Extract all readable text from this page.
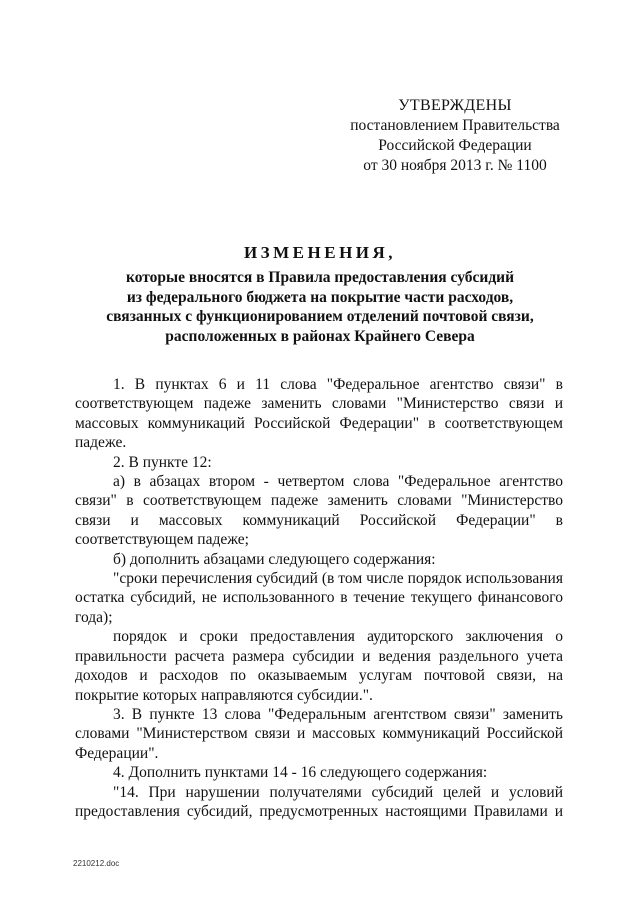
УТВЕРЖДЕНЫ
постановлением Правительства
Российской Федерации
от 30 ноября 2013 г. № 1100
ИЗМЕНЕНИЯ,
которые вносятся в Правила предоставления субсидий
из федерального бюджета на покрытие части расходов,
связанных с функционированием отделений почтовой связи,
расположенных в районах Крайнего Севера

1. В пунктах 6 и 11 слова "Федеральное агентство связи" в соответствующем падеже заменить словами "Министерство связи и массовых коммуникаций Российской Федерации" в соответствующем падеже.

2. В пункте 12:

а) в абзацах втором - четвертом слова "Федеральное агентство связи" в соответствующем падеже заменить словами "Министерство связи и массовых коммуникаций Российской Федерации" в соответствующем падеже;

б) дополнить абзацами следующего содержания:

"сроки перечисления субсидий (в том числе порядок использования остатка субсидий, не использованного в течение текущего финансового года);

порядок и сроки предоставления аудиторского заключения о правильности расчета размера субсидии и ведения раздельного учета доходов и расходов по оказываемым услугам почтовой связи, на покрытие которых направляются субсидии.".

3. В пункте 13 слова "Федеральным агентством связи" заменить словами "Министерством связи и массовых коммуникаций Российской Федерации".

4. Дополнить пунктами 14 - 16 следующего содержания:

"14. При нарушении получателями субсидий целей и условий предоставления субсидий, предусмотренных настоящими Правилами и

2210212.doc
